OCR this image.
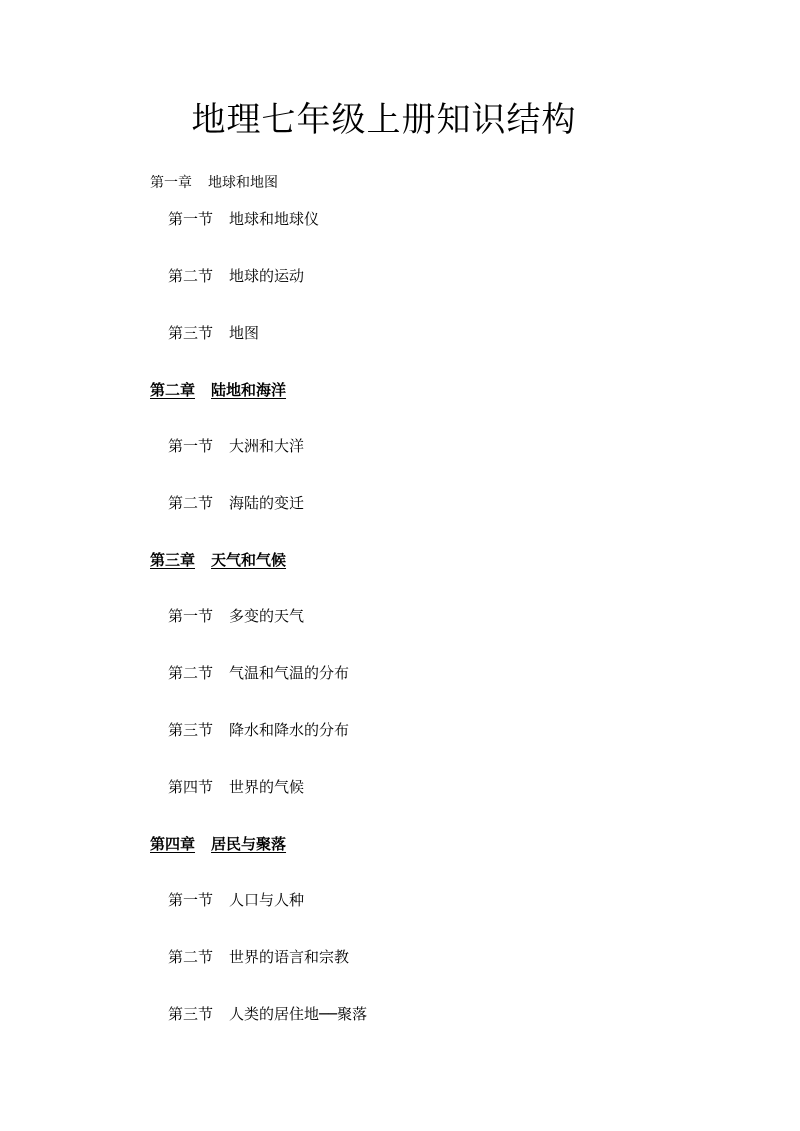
地理七年级上册知识结构
第一章 地球和地图
第一节 地球和地球仪
第二节 地球的运动
第三节 地图
第二章 陆地和海洋
第一节 大洲和大洋
第二节 海陆的变迁
第三章 天气和气候
第一节 多变的天气
第二节 气温和气温的分布
第三节 降水和降水的分布
第四节 世界的气候
第四章 居民与聚落
第一节 人口与人种
第二节 世界的语言和宗教
第三节 人类的居住地──聚落
